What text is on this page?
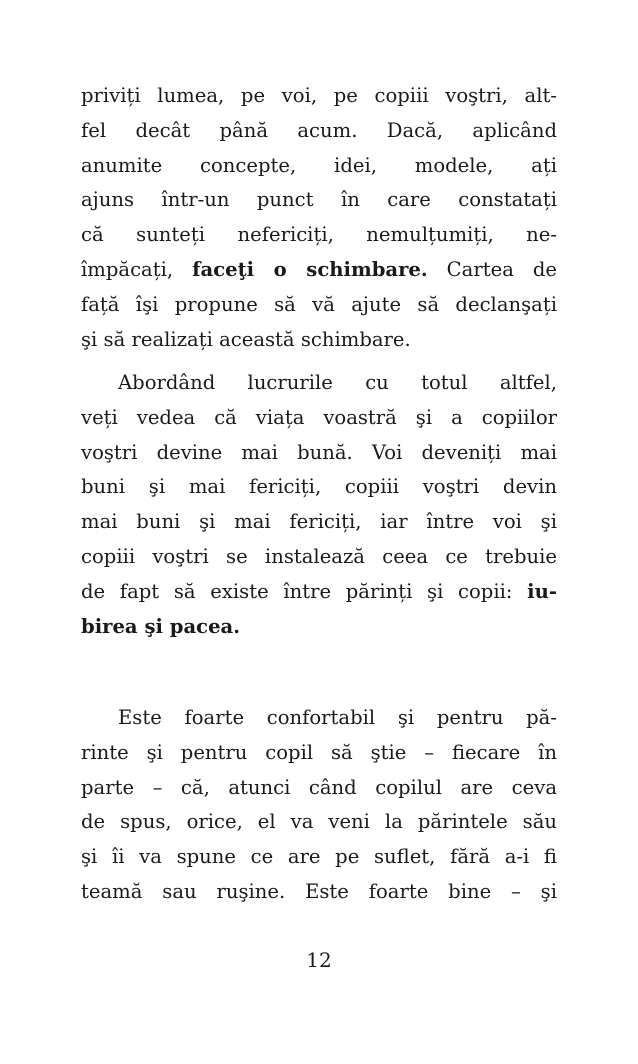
priviți lumea, pe voi, pe copiii voştri, alt-
fel decât până acum. Dacă, aplicând
anumite concepte, idei, modele, ați
ajuns într-un punct în care constatați
că sunteți nefericiți, nemulțumiți, ne-
împăcați, faceţi o schimbare. Cartea de
față îşi propune să vă ajute să declanşați
şi să realizați această schimbare.
Abordând lucrurile cu totul altfel,
veți vedea că viața voastră şi a copiilor
voştri devine mai bună. Voi deveniți mai
buni şi mai fericiți, copiii voştri devin
mai buni şi mai fericiți, iar între voi şi
copiii voştri se instalează ceea ce trebuie
de fapt să existe între părinți şi copii: iu-
birea şi pacea.
Este foarte confortabil şi pentru pă-
rinte şi pentru copil să ştie – fiecare în
parte – că, atunci când copilul are ceva
de spus, orice, el va veni la părintele său
şi îi va spune ce are pe suflet, fără a-i fi
teamă sau ruşine. Este foarte bine – şi
12
